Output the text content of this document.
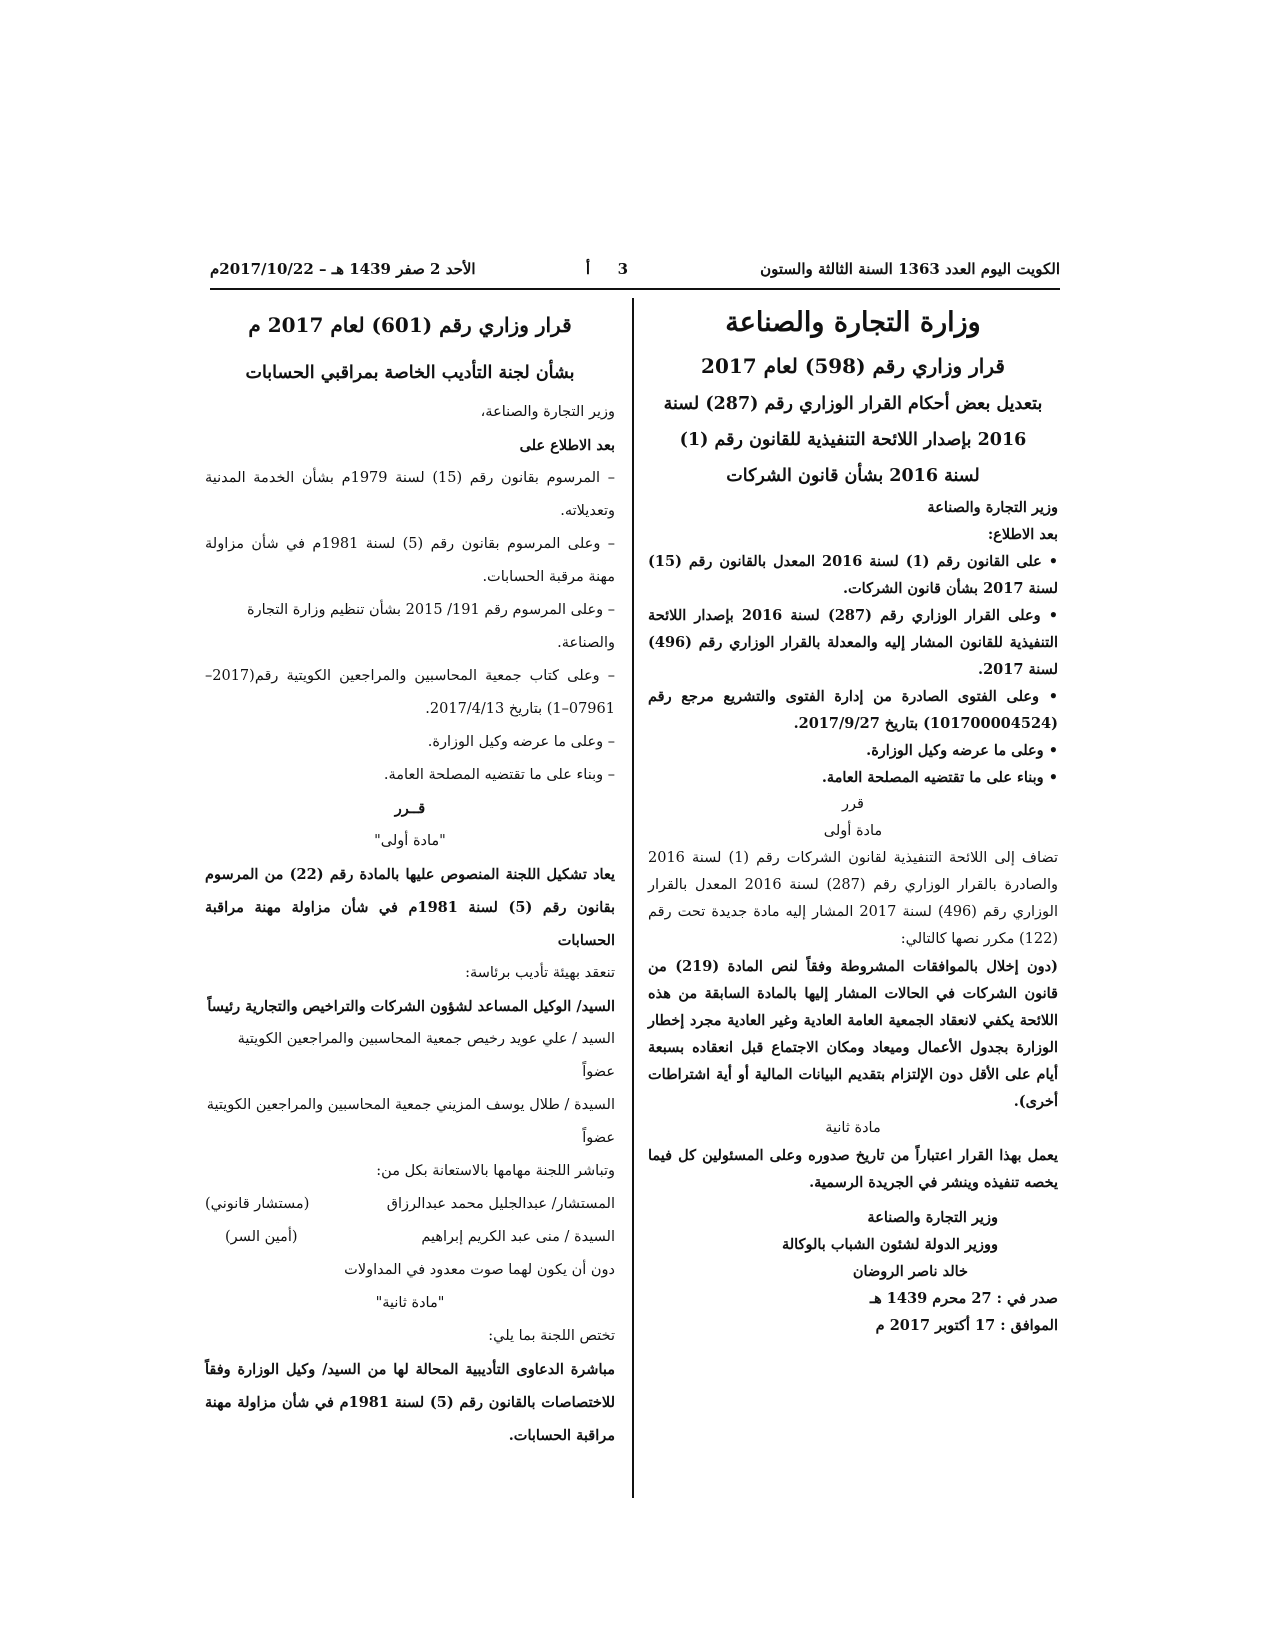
الكويت اليوم العدد 1363 السنة الثالثة والستون
3
أ
الأحد 2 صفر 1439 هـ – 2017/10/22م

وزارة التجارة والصناعة

قرار وزاري رقم (598) لعام 2017

بتعديل بعض أحكام القرار الوزاري رقم (287) لسنة

2016 بإصدار اللائحة التنفيذية للقانون رقم (1)

لسنة 2016 بشأن قانون الشركات

وزير التجارة والصناعة

بعد الاطلاع:

• على القانون رقم (1) لسنة 2016 المعدل بالقانون رقم (15) لسنة 2017 بشأن قانون الشركات.

• وعلى القرار الوزاري رقم (287) لسنة 2016 بإصدار اللائحة التنفيذية للقانون المشار إليه والمعدلة بالقرار الوزاري رقم (496) لسنة 2017.

• وعلى الفتوى الصادرة من إدارة الفتوى والتشريع مرجع رقم (101700004524) بتاريخ 2017/9/27.

• وعلى ما عرضه وكيل الوزارة.

• وبناء على ما تقتضيه المصلحة العامة.

قرر

مادة أولى

تضاف إلى اللائحة التنفيذية لقانون الشركات رقم (1) لسنة 2016 والصادرة بالقرار الوزاري رقم (287) لسنة 2016 المعدل بالقرار الوزاري رقم (496) لسنة 2017 المشار إليه مادة جديدة تحت رقم (122) مكرر نصها كالتالي:

(دون إخلال بالموافقات المشروطة وفقاً لنص المادة (219) من قانون الشركات في الحالات المشار إليها بالمادة السابقة من هذه اللائحة يكفي لانعقاد الجمعية العامة العادية وغير العادية مجرد إخطار الوزارة بجدول الأعمال وميعاد ومكان الاجتماع قبل انعقاده بسبعة أيام على الأقل دون الإلتزام بتقديم البيانات المالية أو أية اشتراطات أخرى).

مادة ثانية

يعمل بهذا القرار اعتباراً من تاريخ صدوره وعلى المسئولين كل فيما يخصه تنفيذه وينشر في الجريدة الرسمية.

وزير التجارة والصناعة

ووزير الدولة لشئون الشباب بالوكالة

خالد ناصر الروضان

صدر في : 27 محرم 1439 هـ

الموافق : 17 أكتوبر 2017 م

قرار وزاري رقم (601) لعام 2017 م

بشأن لجنة التأديب الخاصة بمراقبي الحسابات

وزير التجارة والصناعة،

بعد الاطلاع على

– المرسوم بقانون رقم (15) لسنة 1979م بشأن الخدمة المدنية وتعديلاته.

– وعلى المرسوم بقانون رقم (5) لسنة 1981م في شأن مزاولة مهنة مرقبة الحسابات.

– وعلى المرسوم رقم 191/ 2015 بشأن تنظيم وزارة التجارة والصناعة.

– وعلى كتاب جمعية المحاسبين والمراجعين الكويتية رقم(2017–07961–1) بتاريخ 2017/4/13.

– وعلى ما عرضه وكيل الوزارة.

– وبناء على ما تقتضيه المصلحة العامة.

قــرر

"مادة أولى"

يعاد تشكيل اللجنة المنصوص عليها بالمادة رقم (22) من المرسوم بقانون رقم (5) لسنة 1981م في شأن مزاولة مهنة مراقبة الحسابات

تنعقد بهيئة تأديب برئاسة:

السيد/ الوكيل المساعد لشؤون الشركات والتراخيص والتجارية رئيساً

السيد / علي عويد رخيص جمعية المحاسبين والمراجعين الكويتية عضواً

السيدة / طلال يوسف المزيني جمعية المحاسبين والمراجعين الكويتية عضواً

وتباشر اللجنة مهامها بالاستعانة بكل من:

المستشار/ عبدالجليل محمد عبدالرزاق
(مستشار قانوني)
السيدة / منى عبد الكريم إبراهيم
(أمين السر)

دون أن يكون لهما صوت معدود في المداولات

"مادة ثانية"

تختص اللجنة بما يلي:

مباشرة الدعاوى التأديبية المحالة لها من السيد/ وكيل الوزارة وفقاً للاختصاصات بالقانون رقم (5) لسنة 1981م في شأن مزاولة مهنة مراقبة الحسابات.
